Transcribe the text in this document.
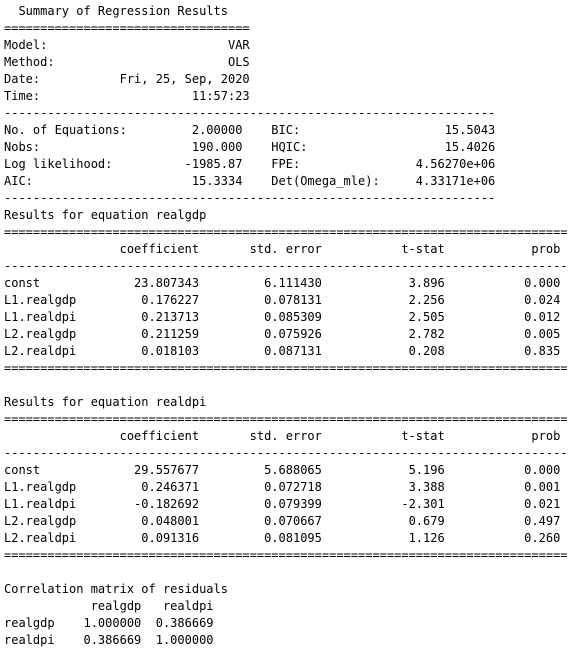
Summary of Regression Results
==================================
Model:                         VAR
Method:                        OLS
Date:           Fri, 25, Sep, 2020
Time:                     11:57:23
--------------------------------------------------------------------
No. of Equations:         2.00000    BIC:                    15.5043
Nobs:                     190.000    HQIC:                   15.4026
Log likelihood:          -1985.87    FPE:                4.56270e+06
AIC:                      15.3334    Det(Omega_mle):     4.33171e+06
--------------------------------------------------------------------
Results for equation realgdp
==============================================================================
coefficient       std. error           t-stat            prob
------------------------------------------------------------------------------
const             23.807343         6.111430            3.896           0.000
L1.realgdp         0.176227         0.078131            2.256           0.024
L1.realdpi         0.213713         0.085309            2.505           0.012
L2.realgdp         0.211259         0.075926            2.782           0.005
L2.realdpi         0.018103         0.087131            0.208           0.835
==============================================================================
Results for equation realdpi
==============================================================================
coefficient       std. error           t-stat            prob
------------------------------------------------------------------------------
const             29.557677         5.688065            5.196           0.000
L1.realgdp         0.246371         0.072718            3.388           0.001
L1.realdpi        -0.182692         0.079399           -2.301           0.021
L2.realgdp         0.048001         0.070667            0.679           0.497
L2.realdpi         0.091316         0.081095            1.126           0.260
==============================================================================
Correlation matrix of residuals
realgdp   realdpi
realgdp    1.000000  0.386669
realdpi    0.386669  1.000000
